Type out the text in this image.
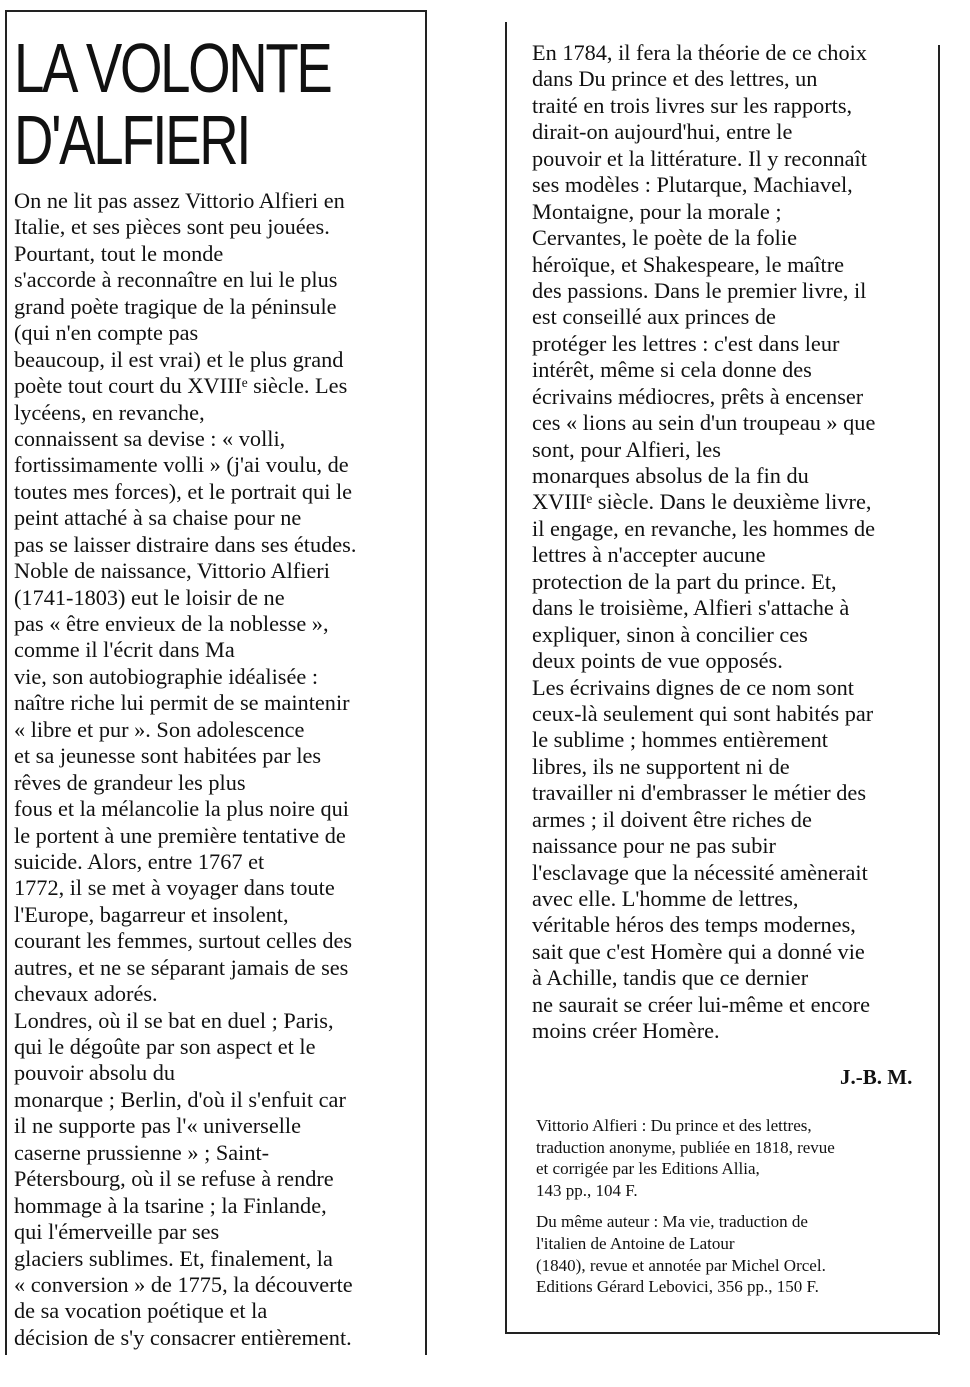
LA VOLONTE
D'ALFIERI
On ne lit pas assez Vittorio Alfieri en
Italie, et ses pièces sont peu jouées.
Pourtant, tout le monde
s'accorde à reconnaître en lui le plus
grand poète tragique de la péninsule
(qui n'en compte pas
beaucoup, il est vrai) et le plus grand
poète tout court du XVIIIᵉ siècle. Les
lycéens, en revanche,
connaissent sa devise : « volli,
fortissimamente volli » (j'ai voulu, de
toutes mes forces), et le portrait qui le
peint attaché à sa chaise pour ne
pas se laisser distraire dans ses études.
Noble de naissance, Vittorio Alfieri
(1741-1803) eut le loisir de ne
pas « être envieux de la noblesse »,
comme il l'écrit dans Ma
vie, son autobiographie idéalisée :
naître riche lui permit de se maintenir
« libre et pur ». Son adolescence
et sa jeunesse sont habitées par les
rêves de grandeur les plus
fous et la mélancolie la plus noire qui
le portent à une première tentative de
suicide. Alors, entre 1767 et
1772, il se met à voyager dans toute
l'Europe, bagarreur et insolent,
courant les femmes, surtout celles des
autres, et ne se séparant jamais de ses
chevaux adorés.
Londres, où il se bat en duel ; Paris,
qui le dégoûte par son aspect et le
pouvoir absolu du
monarque ; Berlin, d'où il s'enfuit car
il ne supporte pas l'« universelle
caserne prussienne » ; Saint-
Pétersbourg, où il se refuse à rendre
hommage à la tsarine ; la Finlande,
qui l'émerveille par ses
glaciers sublimes. Et, finalement, la
« conversion » de 1775, la découverte
de sa vocation poétique et la
décision de s'y consacrer entièrement.
En 1784, il fera la théorie de ce choix
dans Du prince et des lettres, un
traité en trois livres sur les rapports,
dirait-on aujourd'hui, entre le
pouvoir et la littérature. Il y reconnaît
ses modèles : Plutarque, Machiavel,
Montaigne, pour la morale ;
Cervantes, le poète de la folie
héroïque, et Shakespeare, le maître
des passions. Dans le premier livre, il
est conseillé aux princes de
protéger les lettres : c'est dans leur
intérêt, même si cela donne des
écrivains médiocres, prêts à encenser
ces « lions au sein d'un troupeau » que
sont, pour Alfieri, les
monarques absolus de la fin du
XVIIIᵉ siècle. Dans le deuxième livre,
il engage, en revanche, les hommes de
lettres à n'accepter aucune
protection de la part du prince. Et,
dans le troisième, Alfieri s'attache à
expliquer, sinon à concilier ces
deux points de vue opposés.
Les écrivains dignes de ce nom sont
ceux-là seulement qui sont habités par
le sublime ; hommes entièrement
libres, ils ne supportent ni de
travailler ni d'embrasser le métier des
armes ; il doivent être riches de
naissance pour ne pas subir
l'esclavage que la nécessité amènerait
avec elle. L'homme de lettres,
véritable héros des temps modernes,
sait que c'est Homère qui a donné vie
à Achille, tandis que ce dernier
ne saurait se créer lui-même et encore
moins créer Homère.
J.-B. M.
Vittorio Alfieri : Du prince et des lettres,
traduction anonyme, publiée en 1818, revue
et corrigée par les Editions Allia,
143 pp., 104 F.
Du même auteur : Ma vie, traduction de
l'italien de Antoine de Latour
(1840), revue et annotée par Michel Orcel.
Editions Gérard Lebovici, 356 pp., 150 F.
